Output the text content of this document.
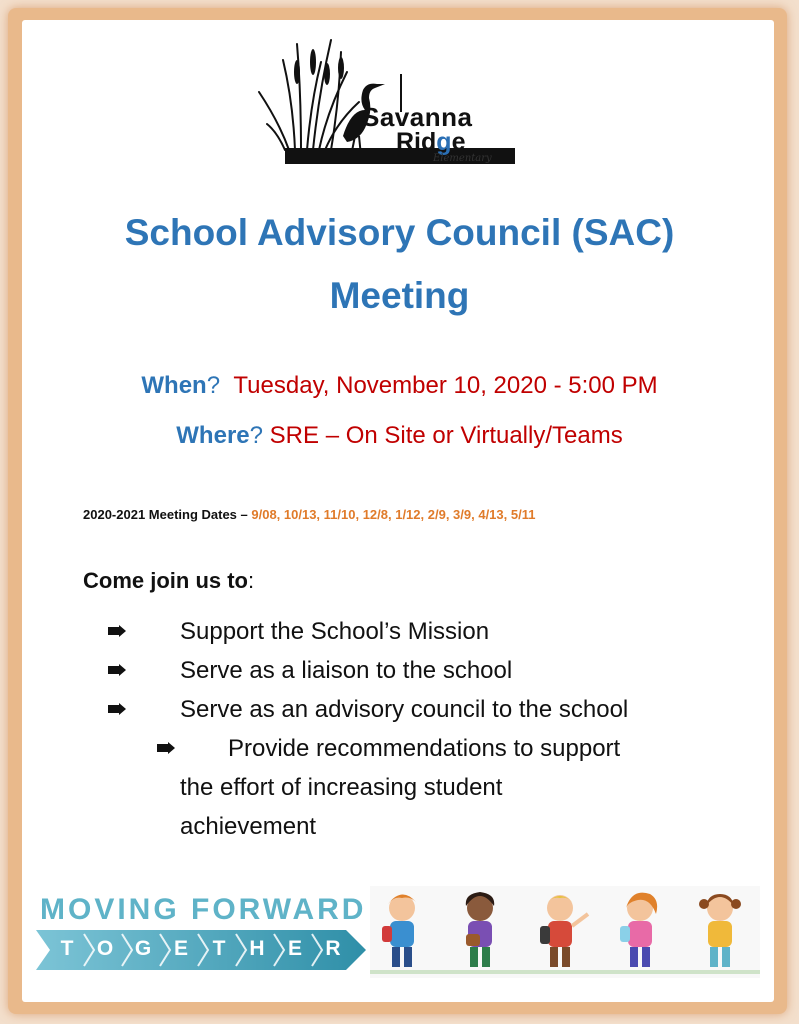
Savanna
Ridge
Elementary
School Advisory Council (SAC)
Meeting
When? Tuesday, November 10, 2020 - 5:00 PM
Where? SRE – On Site or Virtually/Teams
2020-2021 Meeting Dates – 9/08, 10/13, 11/10, 12/8, 1/12, 2/9, 3/9, 4/13, 5/11
Come join us to:
Support the School’s Mission
Serve as a liaison to the school
Serve as an advisory council to the school
Provide recommendations to support
the effort of increasing student
achievement
MOVING FORWARD
T	O G E	T	H E R
